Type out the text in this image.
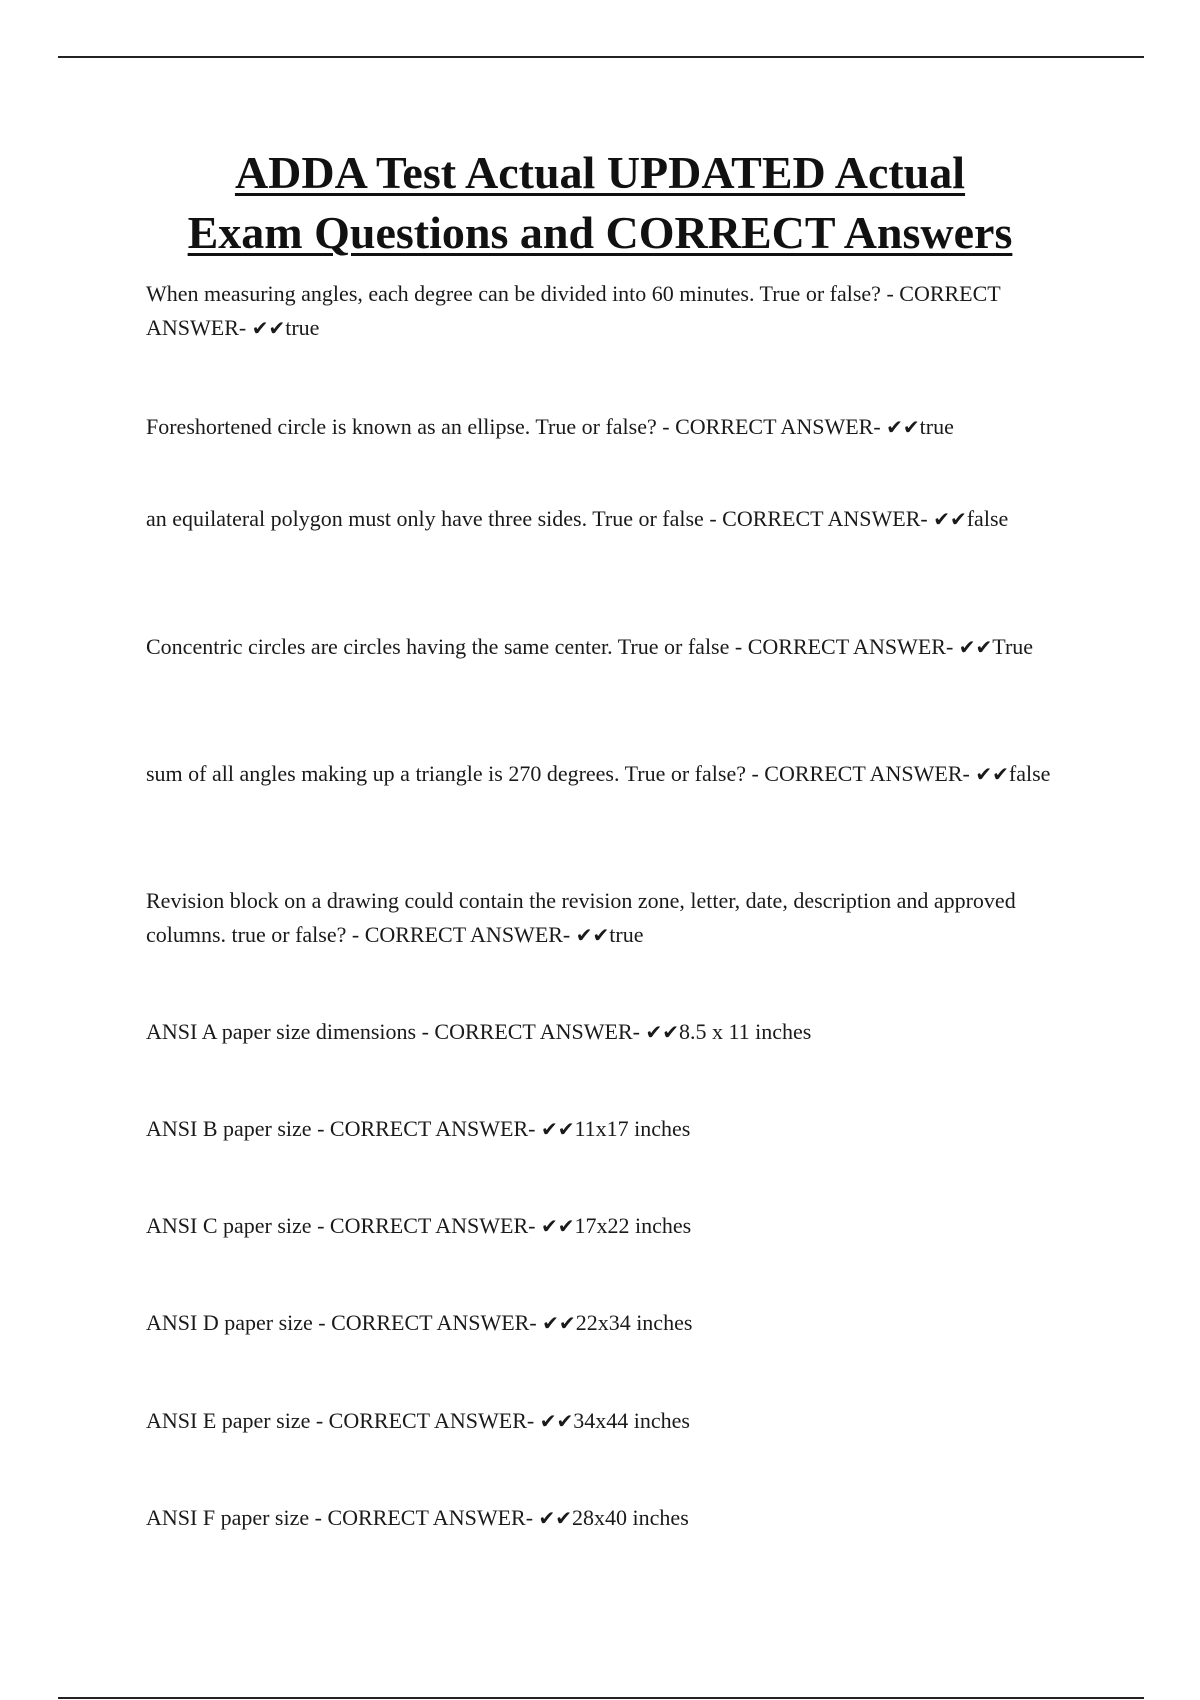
ADDA Test Actual UPDATED Actual
Exam Questions and CORRECT Answers

When measuring angles, each degree can be divided into 60 minutes. True or false? - CORRECT ANSWER- ✔✔true

Foreshortened circle is known as an ellipse. True or false? - CORRECT ANSWER- ✔✔true

an equilateral polygon must only have three sides. True or false - CORRECT ANSWER- ✔✔false

Concentric circles are circles having the same center. True or false - CORRECT ANSWER- ✔✔True

sum of all angles making up a triangle is 270 degrees. True or false? - CORRECT ANSWER- ✔✔false

Revision block on a drawing could contain the revision zone, letter, date, description and approved columns. true or false? - CORRECT ANSWER- ✔✔true

ANSI A paper size dimensions - CORRECT ANSWER- ✔✔8.5 x 11 inches

ANSI B paper size - CORRECT ANSWER- ✔✔11x17 inches

ANSI C paper size - CORRECT ANSWER- ✔✔17x22 inches

ANSI D paper size - CORRECT ANSWER- ✔✔22x34 inches

ANSI E paper size - CORRECT ANSWER- ✔✔34x44 inches

ANSI F paper size - CORRECT ANSWER- ✔✔28x40 inches
